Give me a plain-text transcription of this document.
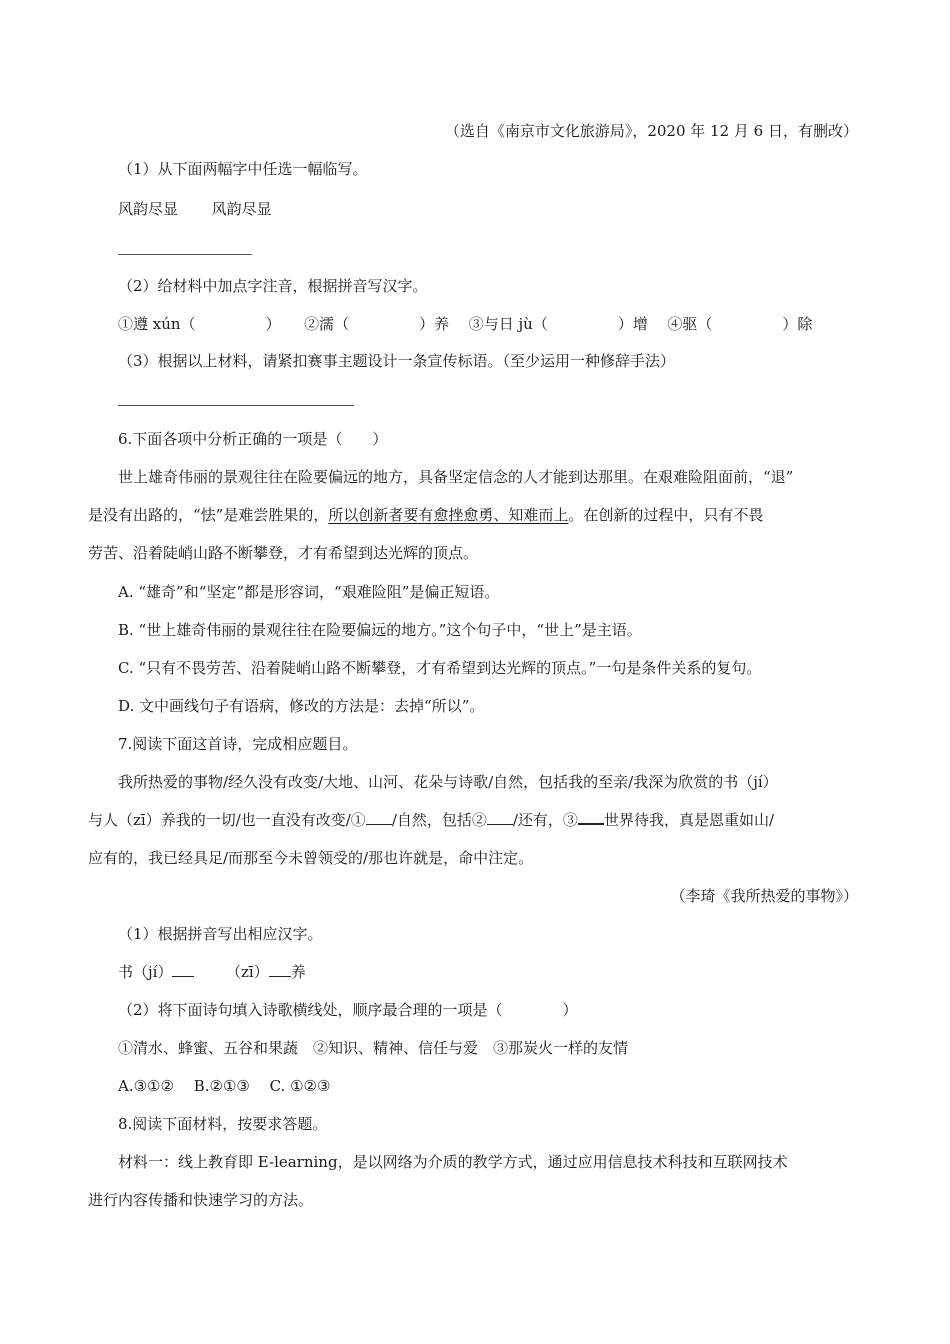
（选自《南京市文化旅游局》，2020 年 12 月 6 日，有删改）
（1）从下面两幅字中任选一幅临写。
风韵尽显 风韵尽显
（2）给材料中加点字注音，根据拼音写汉字。
①遵 xún（	） ②濡（	）养 ③与日 jù（	）增 ④驱（	）除
（3）根据以上材料，请紧扣赛事主题设计一条宣传标语。（至少运用一种修辞手法）
6.下面各项中分析正确的一项是（　　）
世上雄奇伟丽的景观往往在险要偏远的地方，具备坚定信念的人才能到达那里。在艰难险阻面前，“退”
是没有出路的，“怯”是难尝胜果的，所以创新者要有愈挫愈勇、知难而上。在创新的过程中，只有不畏
劳苦、沿着陡峭山路不断攀登，才有希望到达光辉的顶点。
A. “雄奇”和“坚定”都是形容词，“艰难险阻”是偏正短语。
B. “世上雄奇伟丽的景观往往在险要偏远的地方。”这个句子中，“世上”是主语。
C. “只有不畏劳苦、沿着陡峭山路不断攀登，才有希望到达光辉的顶点。”一句是条件关系的复句。
D. 文中画线句子有语病，修改的方法是：去掉“所以”。
7.阅读下面这首诗，完成相应题目。
我所热爱的事物/经久没有改变/大地、山河、花朵与诗歌/自然，包括我的至亲/我深为欣赏的书（jí）
与人（zī）养我的一切/也一直没有改变/① /自然，包括② /还有，③ 世界待我，真是恩重如山/
应有的，我已经具足/而那至今未曾领受的/那也许就是，命中注定。
（李琦《我所热爱的事物》）
（1）根据拼音写出相应汉字。
书（jí）	（zī） 养
（2）将下面诗句填入诗歌横线处，顺序最合理的一项是（　　　　）
①清水、蜂蜜、五谷和果蔬　②知识、精神、信任与爱　③那炭火一样的友情
A.③①②　 B.②①③　 C. ①②③
8.阅读下面材料，按要求答题。
材料一：线上教育即 E-learning，是以网络为介质的教学方式，通过应用信息技术科技和互联网技术
进行内容传播和快速学习的方法。
